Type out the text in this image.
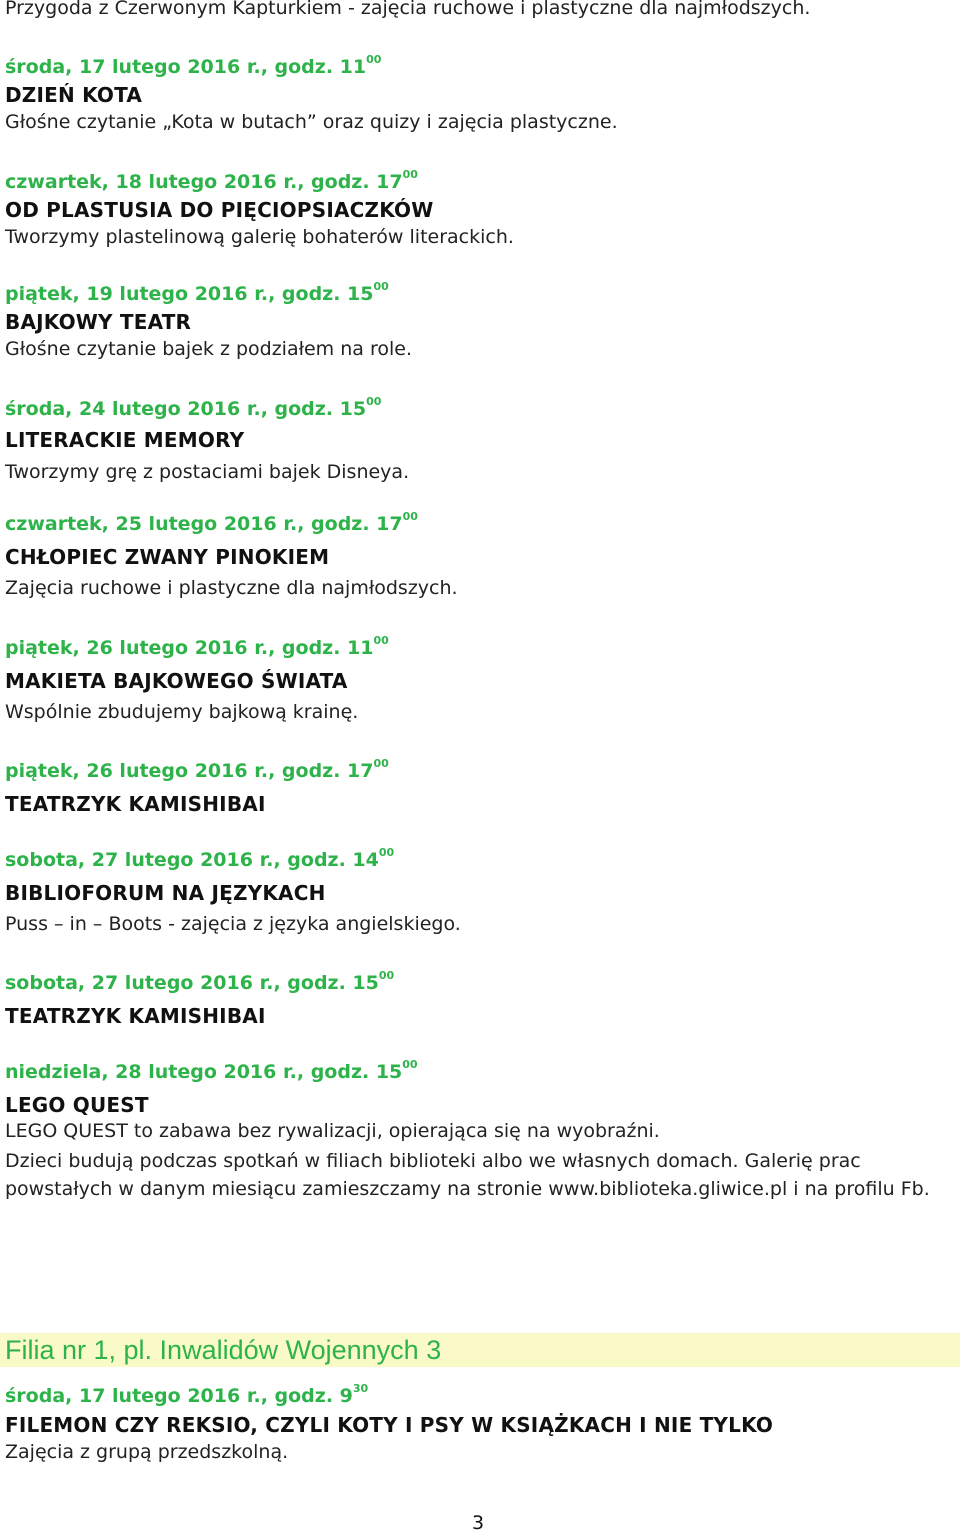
Przygoda z Czerwonym Kapturkiem - zajęcia ruchowe i plastyczne dla najmłodszych.
środa, 17 lutego 2016 r., godz. $11^{00}$
DZIEŃ KOTA
Głośne czytanie „Kota w butach” oraz quizy i zajęcia plastyczne.
czwartek, 18 lutego 2016 r., godz. $17^{00}$
OD PLASTUSIA DO PIĘCIOPSIACZKÓW
Tworzymy plastelinową galerię bohaterów literackich.
piątek, 19 lutego 2016 r., godz. $15^{00}$
BAJKOWY TEATR
Głośne czytanie bajek z podziałem na role.
środa, 24 lutego 2016 r., godz. $15^{00}$
LITERACKIE MEMORY
Tworzymy grę z postaciami bajek Disneya.
czwartek, 25 lutego 2016 r., godz. $17^{00}$
CHŁOPIEC ZWANY PINOKIEM
Zajęcia ruchowe i plastyczne dla najmłodszych.
piątek, 26 lutego 2016 r., godz. $11^{00}$
MAKIETA BAJKOWEGO ŚWIATA
Wspólnie zbudujemy bajkową krainę.
piątek, 26 lutego 2016 r., godz. $17^{00}$
TEATRZYK KAMISHIBAI
sobota, 27 lutego 2016 r., godz. $14^{00}$
BIBLIOFORUM NA JĘZYKACH
Puss – in – Boots - zajęcia z języka angielskiego.
sobota, 27 lutego 2016 r., godz. $15^{00}$
TEATRZYK KAMISHIBAI
niedziela, 28 lutego 2016 r., godz. $15^{00}$
LEGO QUEST
LEGO QUEST to zabawa bez rywalizacji, opierająca się na wyobraźni.
Dzieci budują podczas spotkań w filiach biblioteki albo we własnych domach. Galerię prac powstałych w danym miesiącu zamieszczamy na stronie www.biblioteka.gliwice.pl i na profilu Fb.
Filia nr 1, pl. Inwalidów Wojennych 3
środa, 17 lutego 2016 r., godz. $9^{30}$
FILEMON CZY REKSIO, CZYLI KOTY I PSY W KSIĄŻKACH I NIE TYLKO
Zajęcia z grupą przedszkolną.
3
